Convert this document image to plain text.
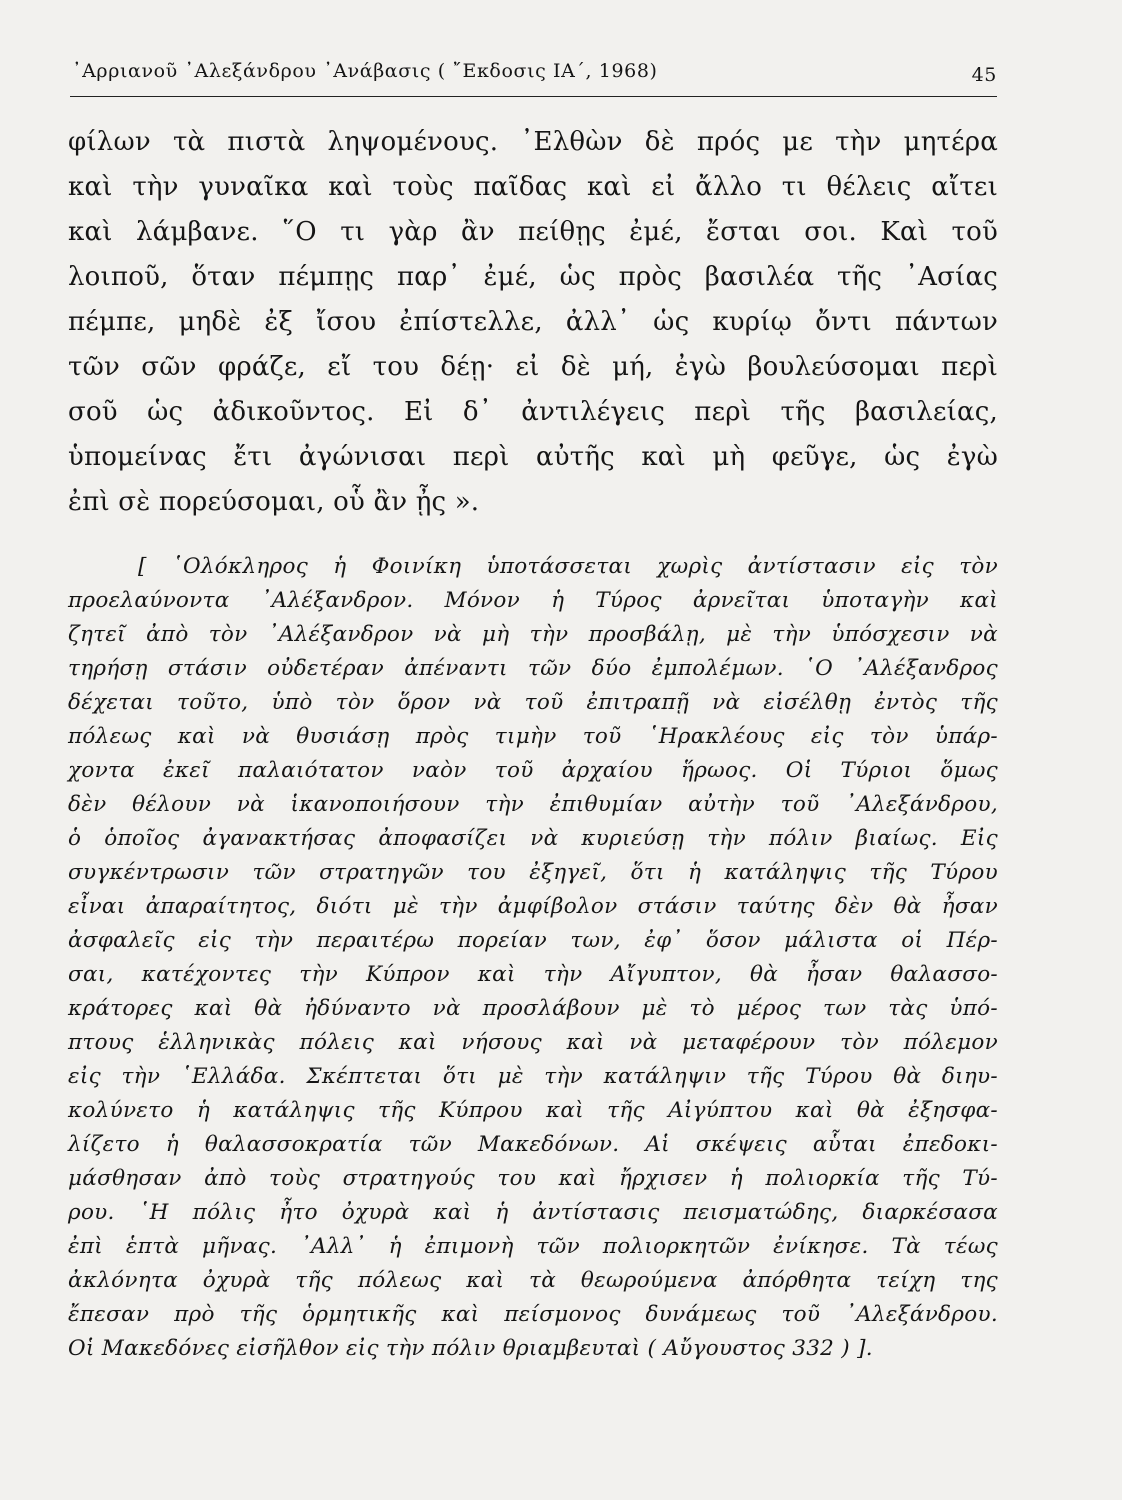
᾿Αρριανοῦ ᾿Αλεξάνδρου ᾿Ανάβασις ( ῎Εκδοσις ΙΑ΄, 1968)	45
φίλων τὰ πιστὰ ληψομένους. ᾿Ελθὼν δὲ πρός με τὴν μητέρα
καὶ τὴν γυναῖκα καὶ τοὺς παῖδας καὶ εἰ ἄλλο τι θέλεις αἴτει
καὶ λάμβανε. ῞Ο τι γὰρ ἂν πείθῃς ἐμέ, ἔσται σοι. Καὶ τοῦ
λοιποῦ, ὅταν πέμπῃς παρ᾿ ἐμέ, ὡς πρὸς βασιλέα τῆς ᾿Ασίας
πέμπε, μηδὲ ἐξ ἴσου ἐπίστελλε, ἀλλ᾿ ὡς κυρίῳ ὄντι πάντων
τῶν σῶν φράζε, εἴ του δέῃ· εἰ δὲ μή, ἐγὼ βουλεύσομαι περὶ
σοῦ ὡς ἀδικοῦντος. Εἰ δ᾿ ἀντιλέγεις περὶ τῆς βασιλείας,
ὑπομείνας ἔτι ἀγώνισαι περὶ αὐτῆς καὶ μὴ φεῦγε, ὡς ἐγὼ
ἐπὶ σὲ πορεύσομαι, οὗ ἂν ᾖς ».
[ ῾Ολόκληρος ἡ Φοινίκη ὑποτάσσεται χωρὶς ἀντίστασιν εἰς τὸν
προελαύνοντα ᾿Αλέξανδρον. Μόνον ἡ Τύρος ἀρνεῖται ὑποταγὴν καὶ
ζητεῖ ἀπὸ τὸν ᾿Αλέξανδρον νὰ μὴ τὴν προσβάλῃ, μὲ τὴν ὑπόσχεσιν νὰ
τηρήσῃ στάσιν οὐδετέραν ἀπέναντι τῶν δύο ἐμπολέμων. ῾Ο ᾿Αλέξανδρος
δέχεται τοῦτο, ὑπὸ τὸν ὅρον νὰ τοῦ ἐπιτραπῇ νὰ εἰσέλθῃ ἐντὸς τῆς
πόλεως καὶ νὰ θυσιάσῃ πρὸς τιμὴν τοῦ ῾Ηρακλέους εἰς τὸν ὑπάρ-
χοντα ἐκεῖ παλαιότατον ναὸν τοῦ ἀρχαίου ἥρωος. Οἱ Τύριοι ὅμως
δὲν θέλουν νὰ ἱκανοποιήσουν τὴν ἐπιθυμίαν αὐτὴν τοῦ ᾿Αλεξάνδρου,
ὁ ὁποῖος ἀγανακτήσας ἀποφασίζει νὰ κυριεύσῃ τὴν πόλιν βιαίως. Εἰς
συγκέντρωσιν τῶν στρατηγῶν του ἐξηγεῖ, ὅτι ἡ κατάληψις τῆς Τύρου
εἶναι ἀπαραίτητος, διότι μὲ τὴν ἀμφίβολον στάσιν ταύτης δὲν θὰ ἦσαν
ἀσφαλεῖς εἰς τὴν περαιτέρω πορείαν των, ἐφ᾿ ὅσον μάλιστα οἱ Πέρ-
σαι, κατέχοντες τὴν Κύπρον καὶ τὴν Αἴγυπτον, θὰ ἦσαν θαλασσο-
κράτορες καὶ θὰ ἠδύναντο νὰ προσλάβουν μὲ τὸ μέρος των τὰς ὑπό-
πτους ἑλληνικὰς πόλεις καὶ νήσους καὶ νὰ μεταφέρουν τὸν πόλεμον
εἰς τὴν ῾Ελλάδα. Σκέπτεται ὅτι μὲ τὴν κατάληψιν τῆς Τύρου θὰ διηυ-
κολύνετο ἡ κατάληψις τῆς Κύπρου καὶ τῆς Αἰγύπτου καὶ θὰ ἐξησφα-
λίζετο ἡ θαλασσοκρατία τῶν Μακεδόνων. Αἱ σκέψεις αὗται ἐπεδοκι-
μάσθησαν ἀπὸ τοὺς στρατηγούς του καὶ ἤρχισεν ἡ πολιορκία τῆς Τύ-
ρου. ῾Η πόλις ἦτο ὀχυρὰ καὶ ἡ ἀντίστασις πεισματώδης, διαρκέσασα
ἐπὶ ἑπτὰ μῆνας. ᾿Αλλ᾿ ἡ ἐπιμονὴ τῶν πολιορκητῶν ἐνίκησε. Τὰ τέως
ἀκλόνητα ὀχυρὰ τῆς πόλεως καὶ τὰ θεωρούμενα ἀπόρθητα τείχη της
ἔπεσαν πρὸ τῆς ὁρμητικῆς καὶ πείσμονος δυνάμεως τοῦ ᾿Αλεξάνδρου.
Οἱ Μακεδόνες εἰσῆλθον εἰς τὴν πόλιν θριαμβευταὶ ( Αὔγουστος 332 ) ].
